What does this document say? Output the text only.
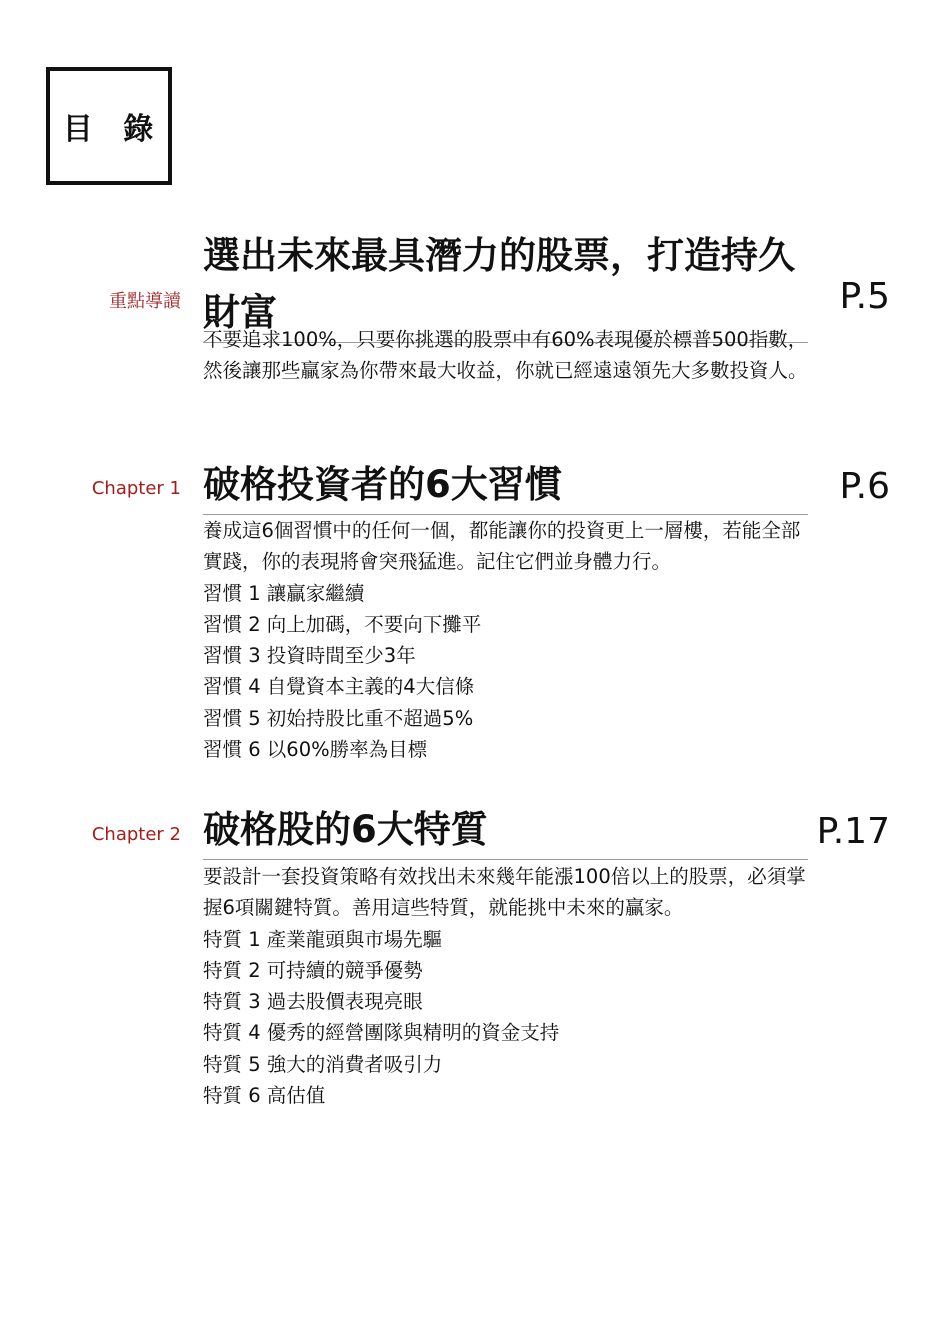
目 錄
重點導讀
選出未來最具潛力的股票，打造持久財富	P.5

不要追求100%，只要你挑選的股票中有60%表現優於標普500指數，然後讓那些贏家為你帶來最大收益，你就已經遠遠領先大多數投資人。

Chapter 1 破格投資者的6大習慣	P.6

養成這6個習慣中的任何一個，都能讓你的投資更上一層樓，若能全部實踐，你的表現將會突飛猛進。記住它們並身體力行。

習慣 1 讓贏家繼續
習慣 2 向上加碼，不要向下攤平
習慣 3 投資時間至少3年
習慣 4 自覺資本主義的4大信條
習慣 5 初始持股比重不超過5%
習慣 6 以60%勝率為目標
Chapter 2 破格股的6大特質	P.17

要設計一套投資策略有效找出未來幾年能漲100倍以上的股票，必須掌握6項關鍵特質。善用這些特質，就能挑中未來的贏家。

特質 1 產業龍頭與市場先驅
特質 2 可持續的競爭優勢
特質 3 過去股價表現亮眼
特質 4 優秀的經營團隊與精明的資金支持
特質 5 強大的消費者吸引力
特質 6 高估值
